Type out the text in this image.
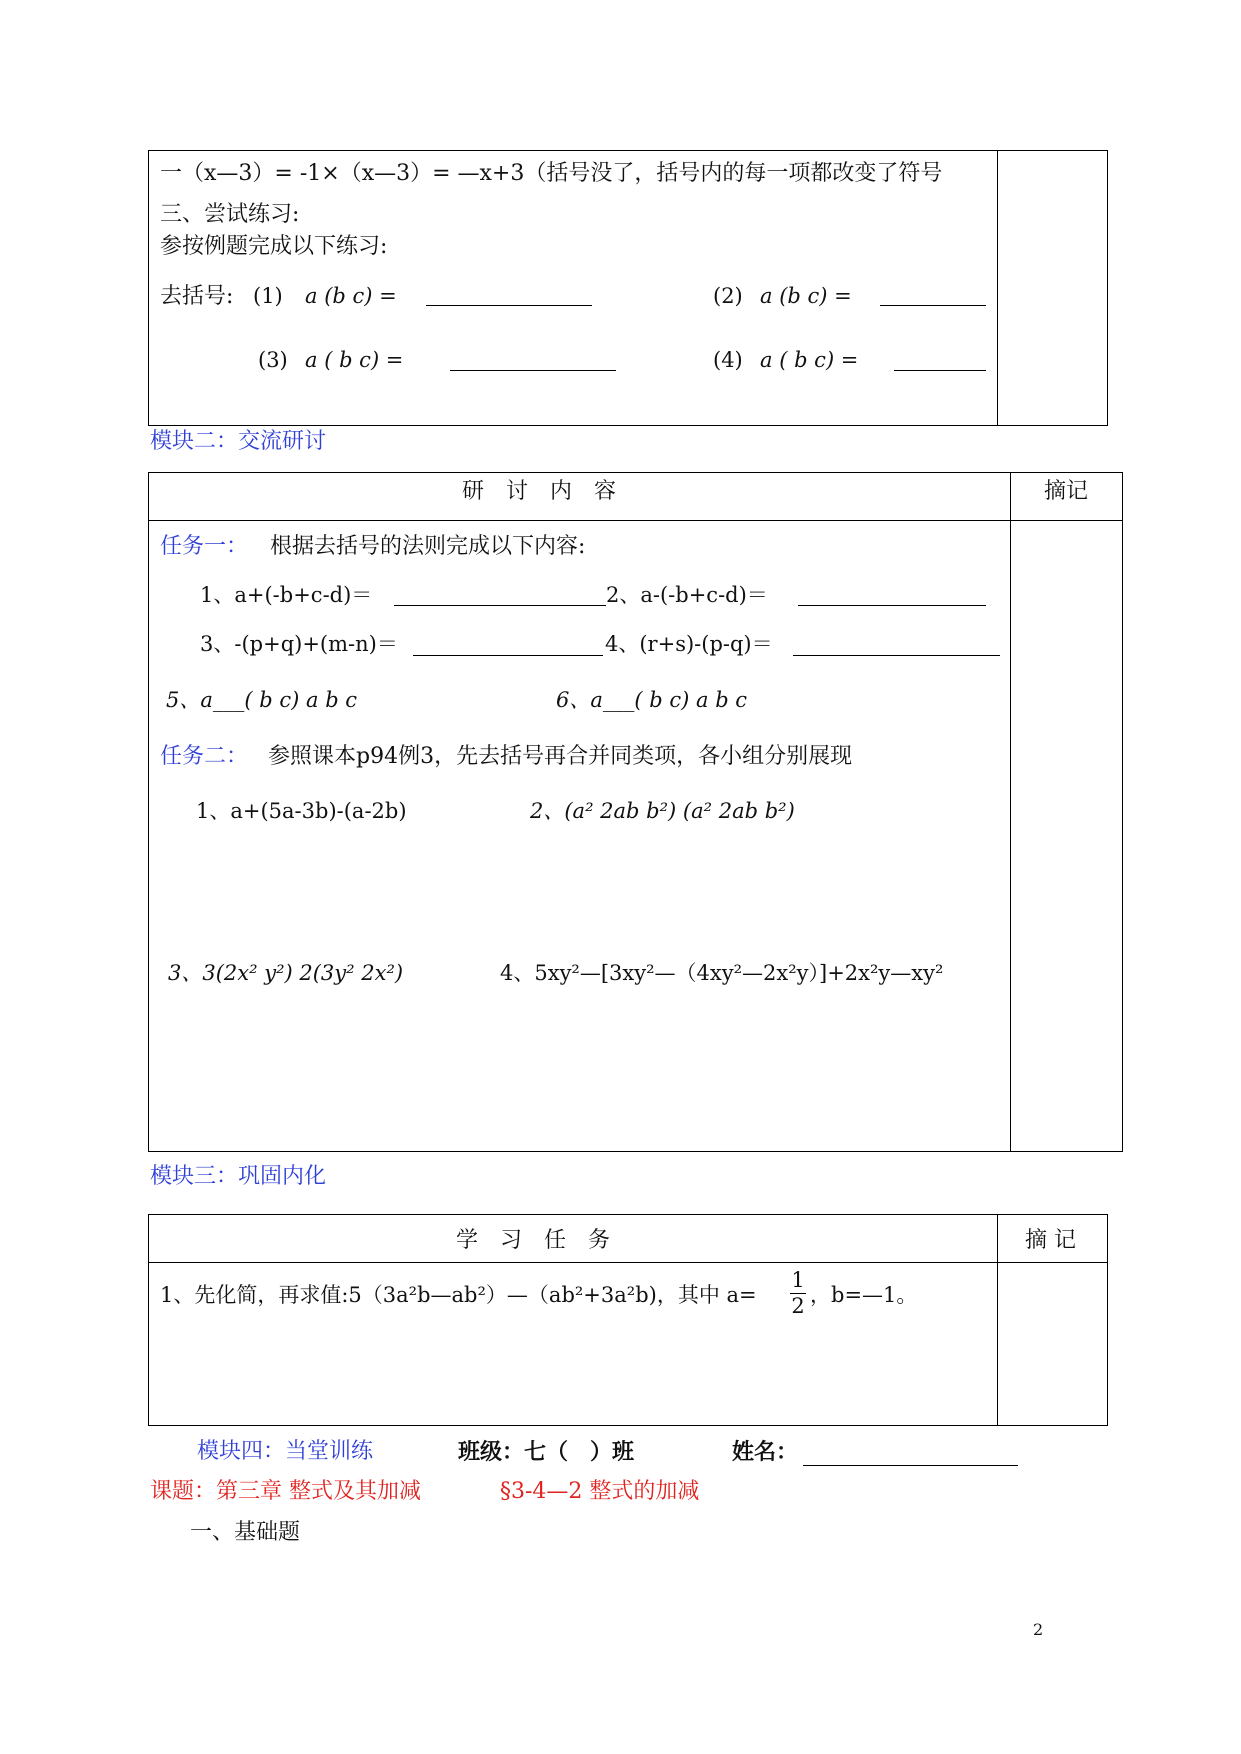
一（x—3）= -1×（x—3）= —x+3（括号没了，括号内的每一项都改变了符号
三、尝试练习:
参按例题完成以下练习:
去括号: (1) a (b c) =	(2) a (b c) =
(3) a ( b c) =	(4) a ( b c) =
模块二：交流研讨
研　讨　内　容	摘记
任务一： 根据去括号的法则完成以下内容:
1、a+(-b+c-d)＝	2、a-(-b+c-d)＝
3、-(p+q)+(m-n)＝	4、(r+s)-(p-q)＝
5、a___( b c) a b c	6、a___( b c) a b c
任务二： 参照课本p94例3，先去括号再合并同类项，各小组分别展现
1、a+(5a-3b)-(a-2b)	2、(a² 2ab b²) (a² 2ab b²)
3、3(2x² y²) 2(3y² 2x²)	4、5xy²—[3xy²—（4xy²—2x²y）]+2x²y—xy²
模块三：巩固内化
学　习　任　务	摘 记
1、先化简，再求值:5（3a²b—ab²）—（ab²+3a²b)，其中 a=
1
2 ，b=—1。
模块四：当堂训练	班级：七（　）班	姓名：
课题：第三章 整式及其加减	§3-4—2 整式的加减
一、基础题
2
